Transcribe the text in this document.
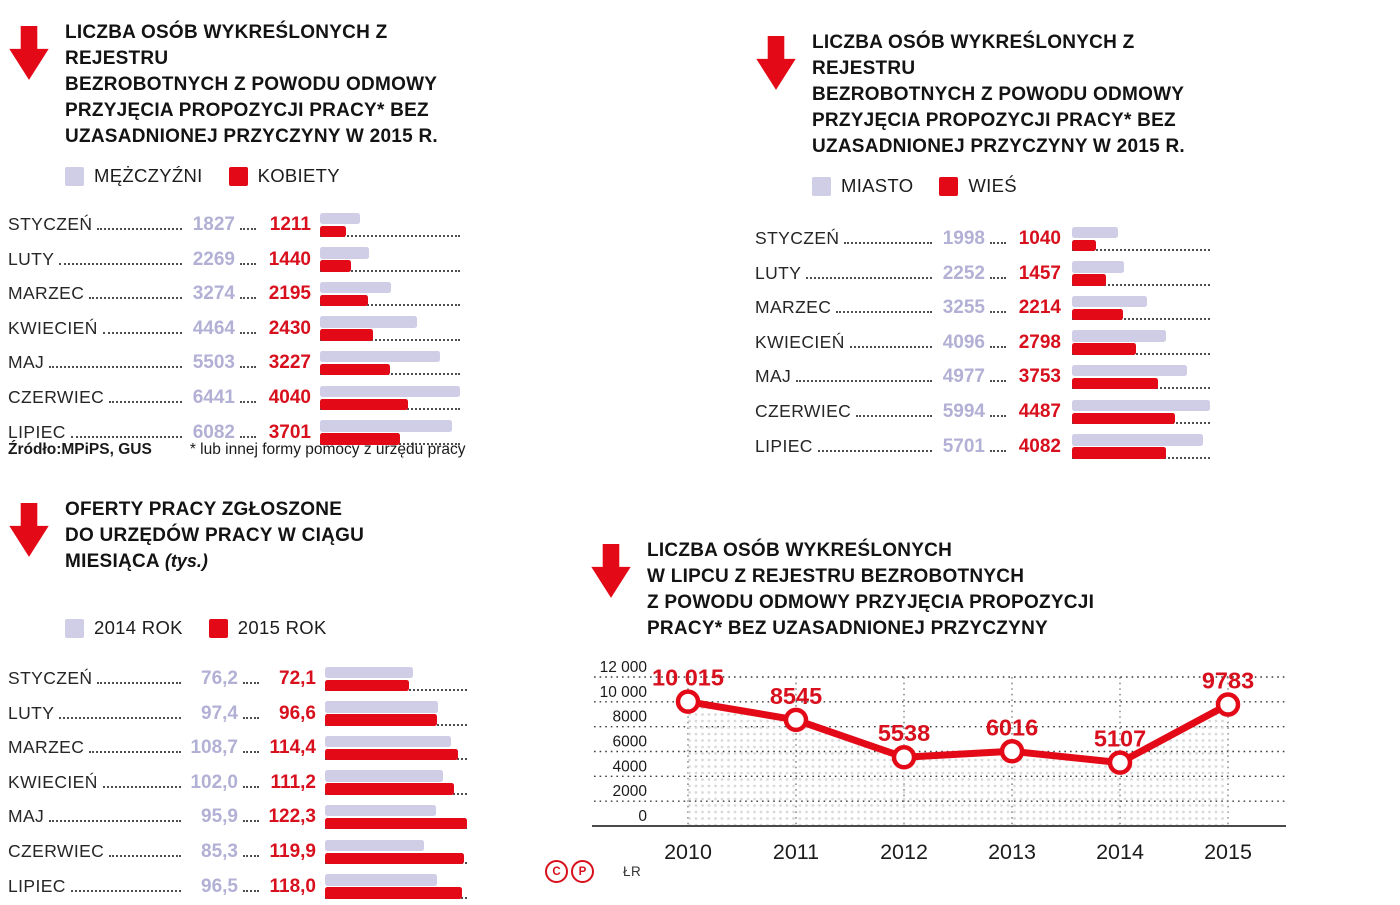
LICZBA OSÓB WYKREŚLONYCH Z REJESTRU
BEZROBOTNYCH Z POWODU ODMOWY
PRZYJĘCIA PROPOZYCJI PRACY* BEZ
UZASADNIONEJ PRZYCZYNY W 2015 R.
MĘŻCZYŹNI	KOBIETY
STYCZEŃ	1827	1211
LUTY	2269	1440
MARZEC	3274	2195
KWIECIEŃ	4464	2430
MAJ	5503	3227
CZERWIEC	6441	4040
LIPIEC	6082	3701
LICZBA OSÓB WYKREŚLONYCH Z REJESTRU
BEZROBOTNYCH Z POWODU ODMOWY
PRZYJĘCIA PROPOZYCJI PRACY* BEZ
UZASADNIONEJ PRZYCZYNY W 2015 R.
MIASTO	WIEŚ
STYCZEŃ	1998	1040
LUTY	2252	1457
MARZEC	3255	2214
KWIECIEŃ	4096	2798
MAJ	4977	3753
CZERWIEC	5994	4487
LIPIEC	5701	4082
Źródło:MPiPS, GUS * lub innej formy pomocy z urzędu pracy
OFERTY PRACY ZGŁOSZONE
DO URZĘDÓW PRACY W CIĄGU
MIESIĄCA (tys.)
2014 ROK	2015 ROK
STYCZEŃ	76,2	72,1
LUTY	97,4	96,6
MARZEC	108,7 114,4
KWIECIEŃ	102,0	111,2
MAJ	95,9 122,3
CZERWIEC	85,3 119,9
LIPIEC	96,5 118,0
LICZBA OSÓB WYKREŚLONYCH
W LIPCU Z REJESTRU BEZROBOTNYCH
Z POWODU ODMOWY PRZYJĘCIA PROPOZYCJI
PRACY* BEZ UZASADNIONEJ PRZYCZYNY
12 000
10 000
8000
6000
4000
2000
0
2010	2011	2012	2013	2014	2015
10 015
8545
5538 6016 5107
9783
C	P	ŁR
